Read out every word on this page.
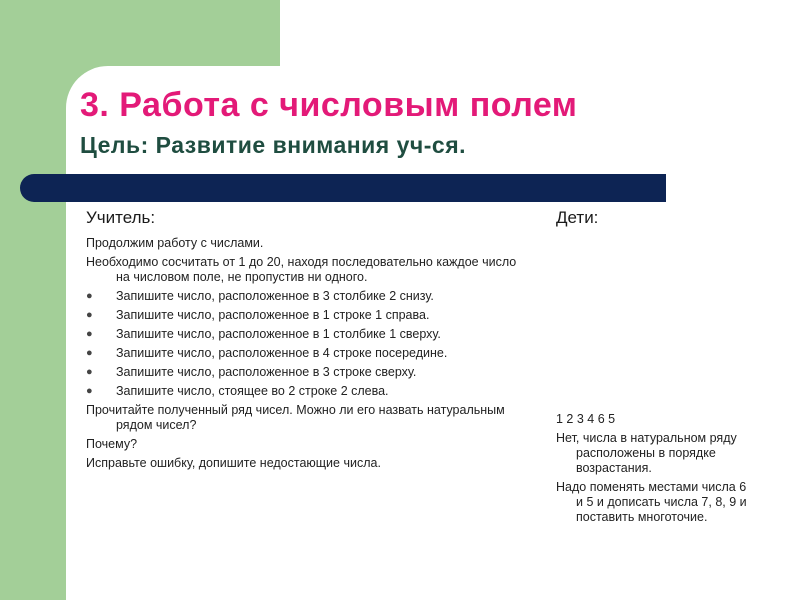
3. Работа с числовым полем
Цель: Развитие внимания уч-ся.
Учитель:
Продолжим работу с числами.
Необходимо сосчитать от 1 до 20, находя последовательно каждое число на числовом поле, не пропустив ни одного.
● Запишите число, расположенное в 3 столбике 2 снизу.
● Запишите число, расположенное в 1 строке 1 справа.
● Запишите число, расположенное в 1 столбике 1 сверху.
● Запишите число, расположенное в 4 строке посередине.
● Запишите число, расположенное в 3 строке сверху.
● Запишите число, стоящее во 2 строке 2 слева.
Прочитайте полученный ряд чисел. Можно ли его назвать натуральным рядом чисел?
Почему?
Исправьте ошибку, допишите недостающие числа.
Дети:
1 2 3 4 6 5
Нет, числа в натуральном ряду расположены в порядке возрастания.
Надо поменять местами числа 6 и 5 и дописать числа 7, 8, 9 и поставить многоточие.
